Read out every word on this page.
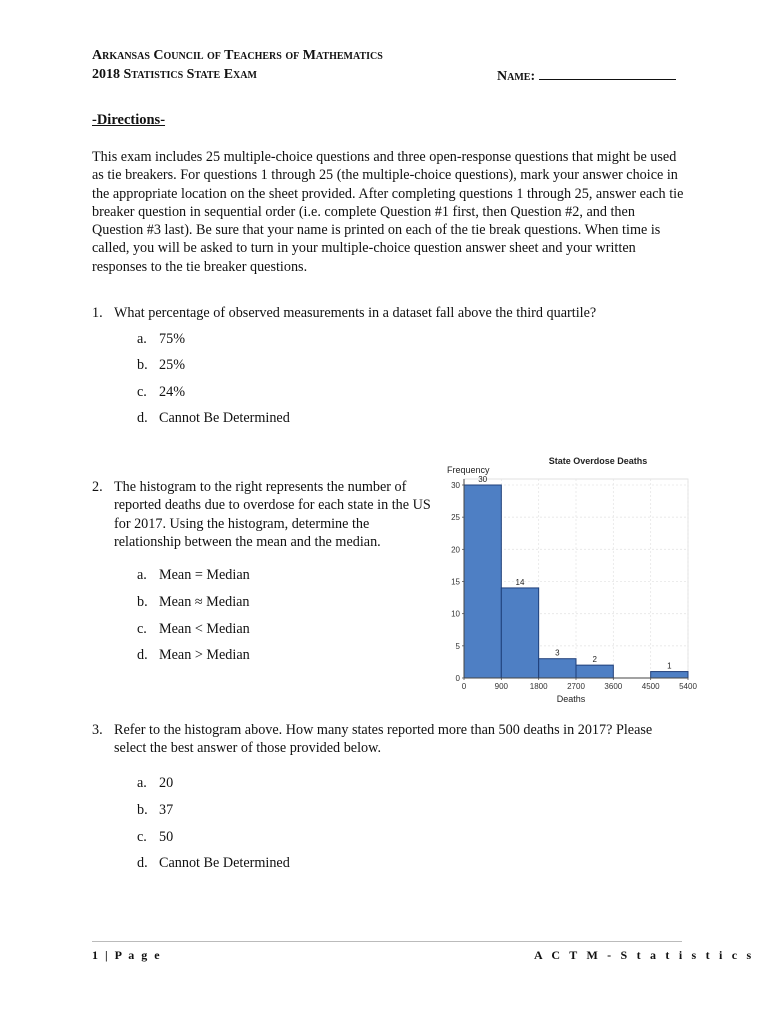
Arkansas Council of Teachers of Mathematics
2018 Statistics State Exam	Name:
-Directions-
This exam includes 25 multiple-choice questions and three open-response questions that might be used as tie breakers. For questions 1 through 25 (the multiple-choice questions), mark your answer choice in the appropriate location on the sheet provided. After completing questions 1 through 25, answer each tie breaker question in sequential order (i.e. complete Question #1 first, then Question #2, and then Question #3 last). Be sure that your name is printed on each of the tie break questions. When time is called, you will be asked to turn in your multiple-choice question answer sheet and your written responses to the tie breaker questions.
1. What percentage of observed measurements in a dataset fall above the third quartile?
a. 75%
b. 25%
c. 24%
d. Cannot Be Determined
2. The histogram to the right represents the number of reported deaths due to overdose for each state in the US for 2017. Using the histogram, determine the relationship between the mean and the median.
a. Mean = Median
b. Mean ≈ Median
c. Mean < Median
d. Mean > Median
State Overdose Deaths
Frequency
Deaths
30
14
3
2
1
0
5
10
15
20
25
30
0	900	1800 2700 3600 4500 5400
3. Refer to the histogram above. How many states reported more than 500 deaths in 2017? Please select the best answer of those provided below.
a. 20
b. 37
c. 50
d. Cannot Be Determined
1 | P a g e	A C T M - S t a t i s t i c s
